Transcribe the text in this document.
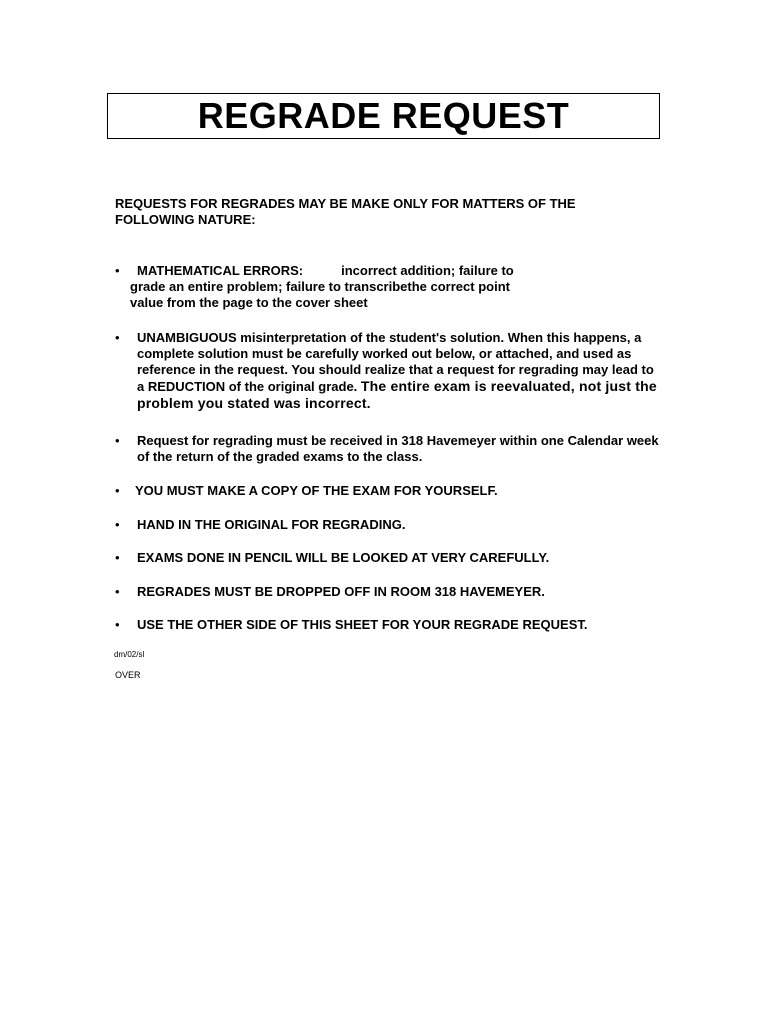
REGRADE REQUEST
REQUESTS FOR REGRADES MAY BE MAKE ONLY FOR MATTERS OF THE FOLLOWING NATURE:
•	MATHEMATICAL ERRORS:	incorrect addition; failure to
grade an entire problem; failure to transcribethe correct point
value from the page to the cover sheet
•	UNAMBIGUOUS misinterpretation of the student's solution. When this happens, a complete solution must be carefully worked out below, or attached, and used as reference in the request. You should realize that a request for regrading may lead to a REDUCTION of the original grade. The entire exam is reevaluated, not just the problem you stated was incorrect.
•	Request for regrading must be received in 318 Havemeyer within one Calendar week of the return of the graded exams to the class.
•	YOU MUST MAKE A COPY OF THE EXAM FOR YOURSELF.
•	HAND IN THE ORIGINAL FOR REGRADING.
•	EXAMS DONE IN PENCIL WILL BE LOOKED AT VERY CAREFULLY.
•	REGRADES MUST BE DROPPED OFF IN ROOM 318 HAVEMEYER.
•	USE THE OTHER SIDE OF THIS SHEET FOR YOUR REGRADE REQUEST.
dm/02/sl
OVER
